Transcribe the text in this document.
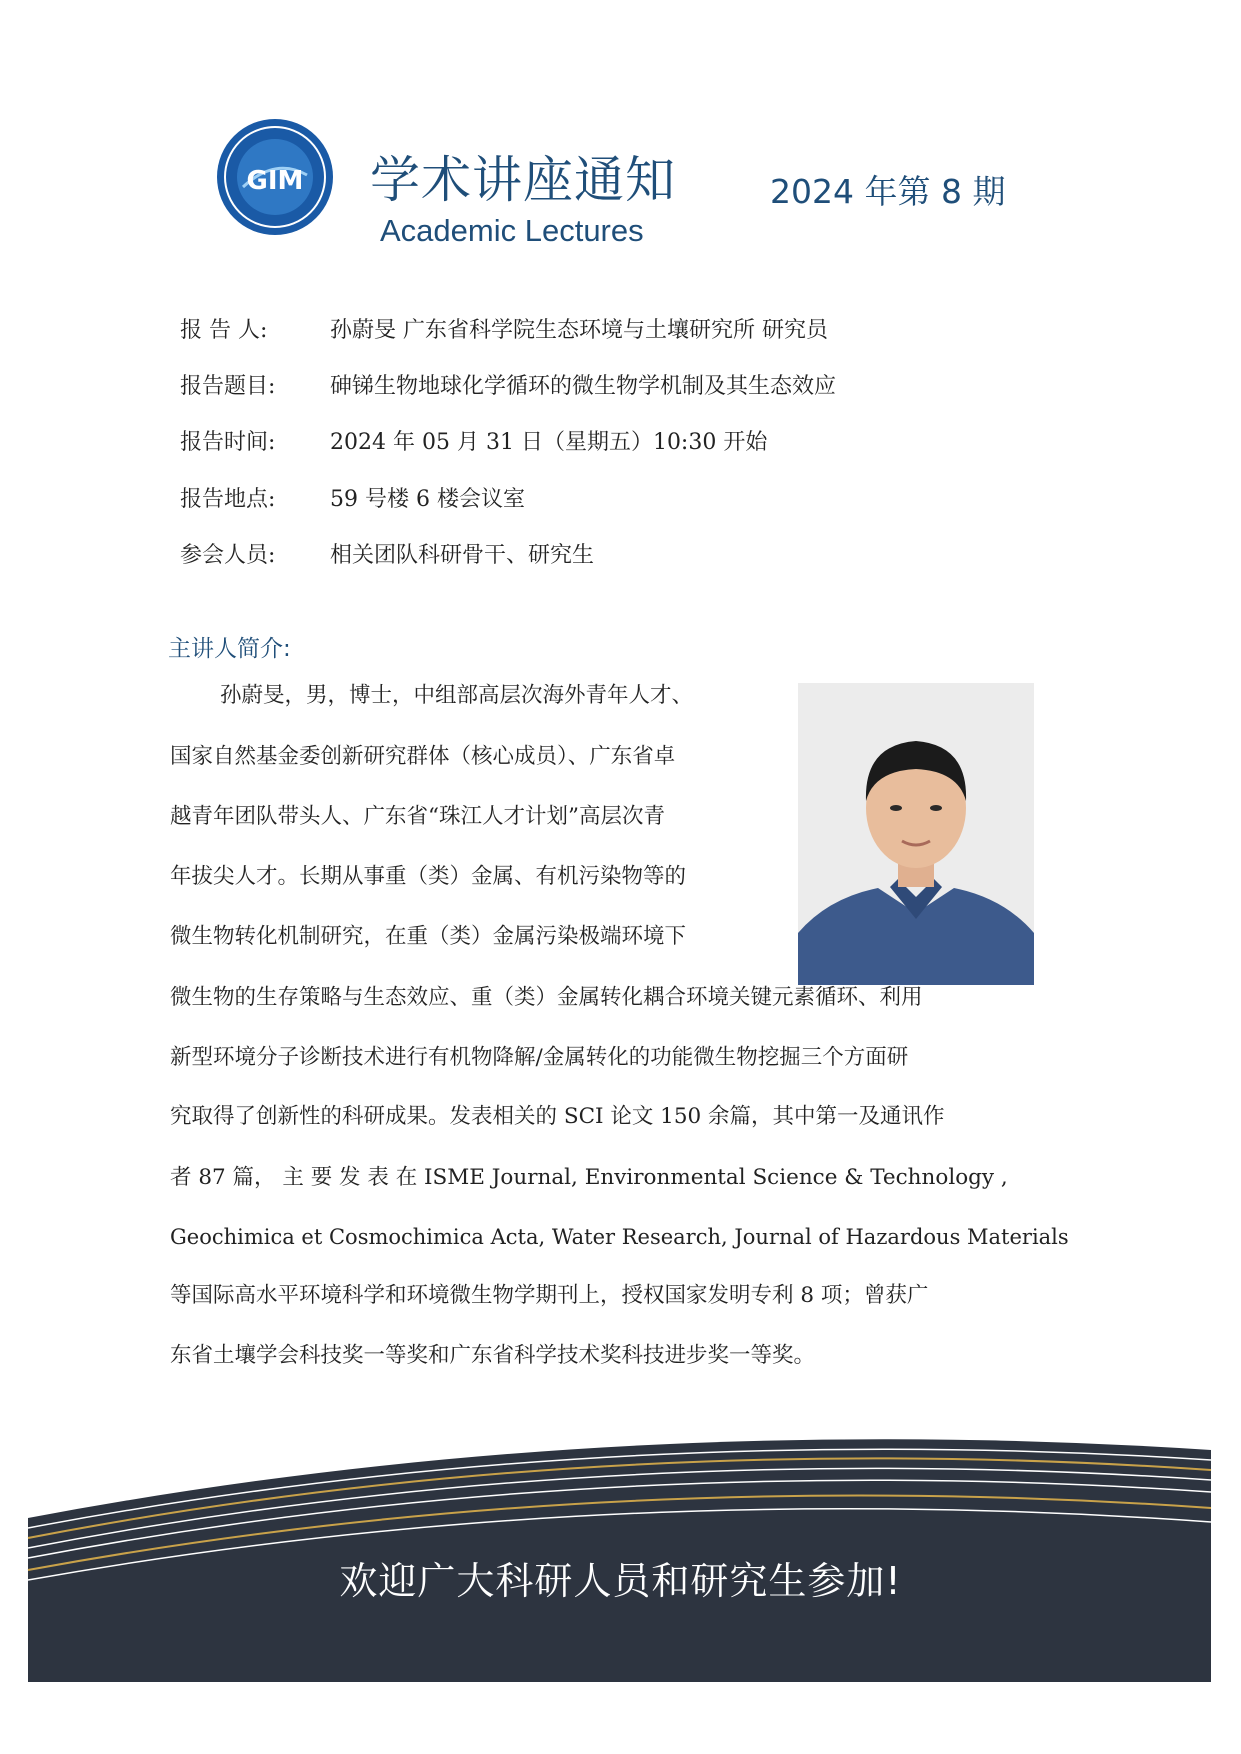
GIM 学术讲座通知
Academic Lectures
2024 年第 8 期
报 告 人:	孙蔚旻 广东省科学院生态环境与土壤研究所 研究员
报告题目: 砷锑生物地球化学循环的微生物学机制及其生态效应
报告时间: 2024 年 05 月 31 日（星期五）10:30 开始
报告地点: 59 号楼 6 楼会议室
参会人员: 相关团队科研骨干、研究生
主讲人简介:
孙蔚旻，男，博士，中组部高层次海外青年人才、
国家自然基金委创新研究群体（核心成员）、广东省卓
越青年团队带头人、广东省“珠江人才计划”高层次青
年拔尖人才。长期从事重（类）金属、有机污染物等的
微生物转化机制研究，在重（类）金属污染极端环境下
微生物的生存策略与生态效应、重（类）金属转化耦合环境关键元素循环、利用
新型环境分子诊断技术进行有机物降解/金属转化的功能微生物挖掘三个方面研
究取得了创新性的科研成果。发表相关的 SCI 论文 150 余篇，其中第一及通讯作
者 87 篇， 主 要 发 表 在 ISME Journal, Environmental Science & Technology ,
Geochimica et Cosmochimica Acta, Water Research, Journal of Hazardous Materials
等国际高水平环境科学和环境微生物学期刊上，授权国家发明专利 8 项；曾获广
东省土壤学会科技奖一等奖和广东省科学技术奖科技进步奖一等奖。
欢迎广大科研人员和研究生参加!
